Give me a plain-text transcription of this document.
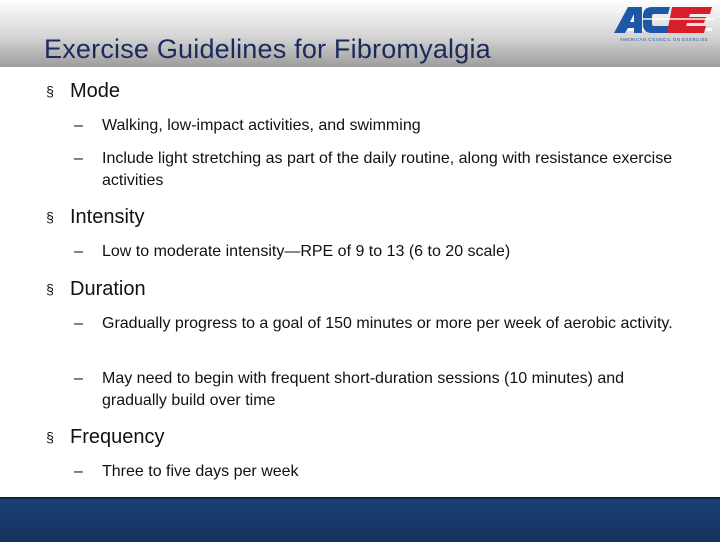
Exercise Guidelines for Fibromyalgia	AMERICAN COUNCIL ON EXERCISE
§ Mode
– Walking, low-impact activities, and swimming
– Include light stretching as part of the daily routine, along with resistance exercise activities
§ Intensity
– Low to moderate intensity—RPE of 9 to 13 (6 to 20 scale)
§ Duration
– Gradually progress to a goal of 150 minutes or more per week of aerobic activity.
– May need to begin with frequent short-duration sessions (10 minutes) and gradually build over time
§ Frequency
– Three to five days per week
